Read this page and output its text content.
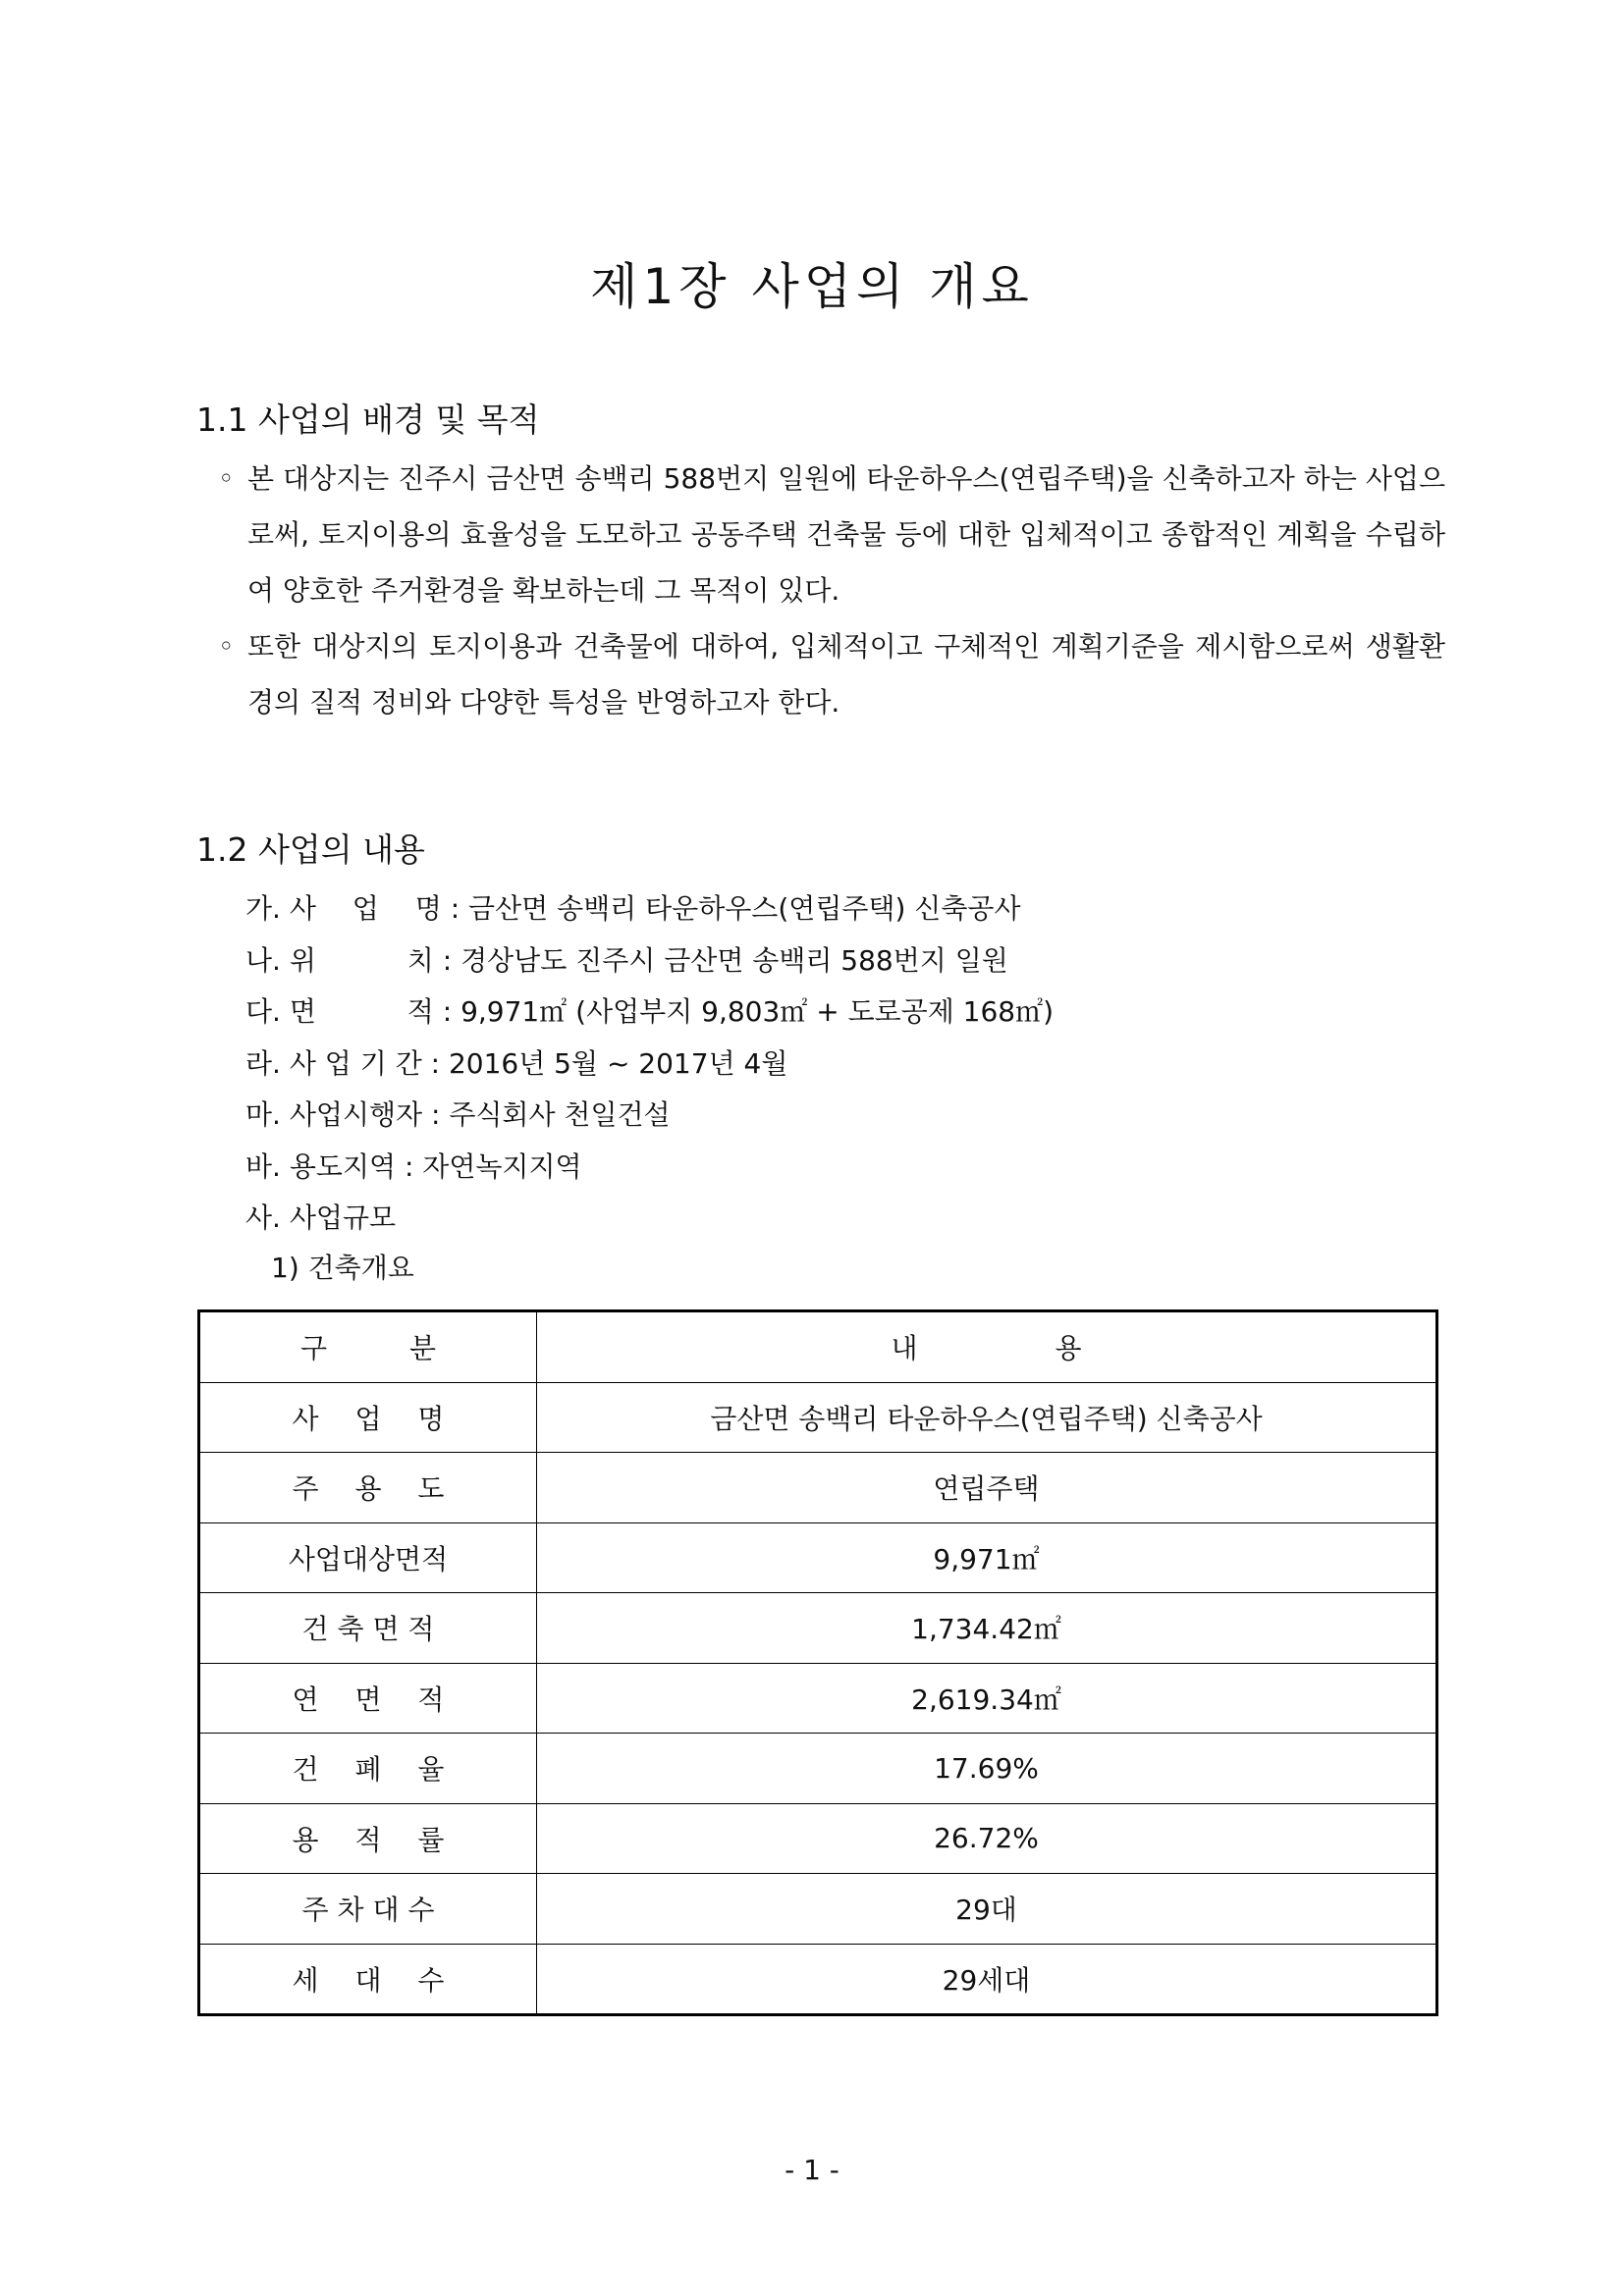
제1장 사업의 개요
1.1 사업의 배경 및 목적
◦ 본 대상지는 진주시 금산면 송백리 588번지 일원에 타운하우스(연립주택)을 신축하고자 하는 사업으로써, 토지이용의 효율성을 도모하고 공동주택 건축물 등에 대한 입체적이고 종합적인 계획을 수립하여 양호한 주거환경을 확보하는데 그 목적이 있다.
◦ 또한 대상지의 토지이용과 건축물에 대하여, 입체적이고 구체적인 계획기준을 제시함으로써 생활환경의 질적 정비와 다양한 특성을 반영하고자 한다.
1.2 사업의 내용
가. 사　 업　 명 : 금산면 송백리 타운하우스(연립주택) 신축공사
나. 위　　　 치 : 경상남도 진주시 금산면 송백리 588번지 일원
다. 면　　　 적 : 9,971㎡ (사업부지 9,803㎡ + 도로공제 168㎡)
라. 사 업 기 간 : 2016년 5월 ~ 2017년 4월
마. 사업시행자 : 주식회사 천일건설
바. 용도지역 : 자연녹지지역
사. 사업규모
1) 건축개요
구　　　분	내　　　　　용
사　 업　 명	금산면 송백리 타운하우스(연립주택) 신축공사
주　 용　 도	연립주택
사업대상면적	9,971㎡
건 축 면 적	1,734.42㎡
연　 면　 적	2,619.34㎡
건　 폐　 율	17.69%
용　 적　 률	26.72%
주 차 대 수	29대
세　 대　 수	29세대
- 1 -
